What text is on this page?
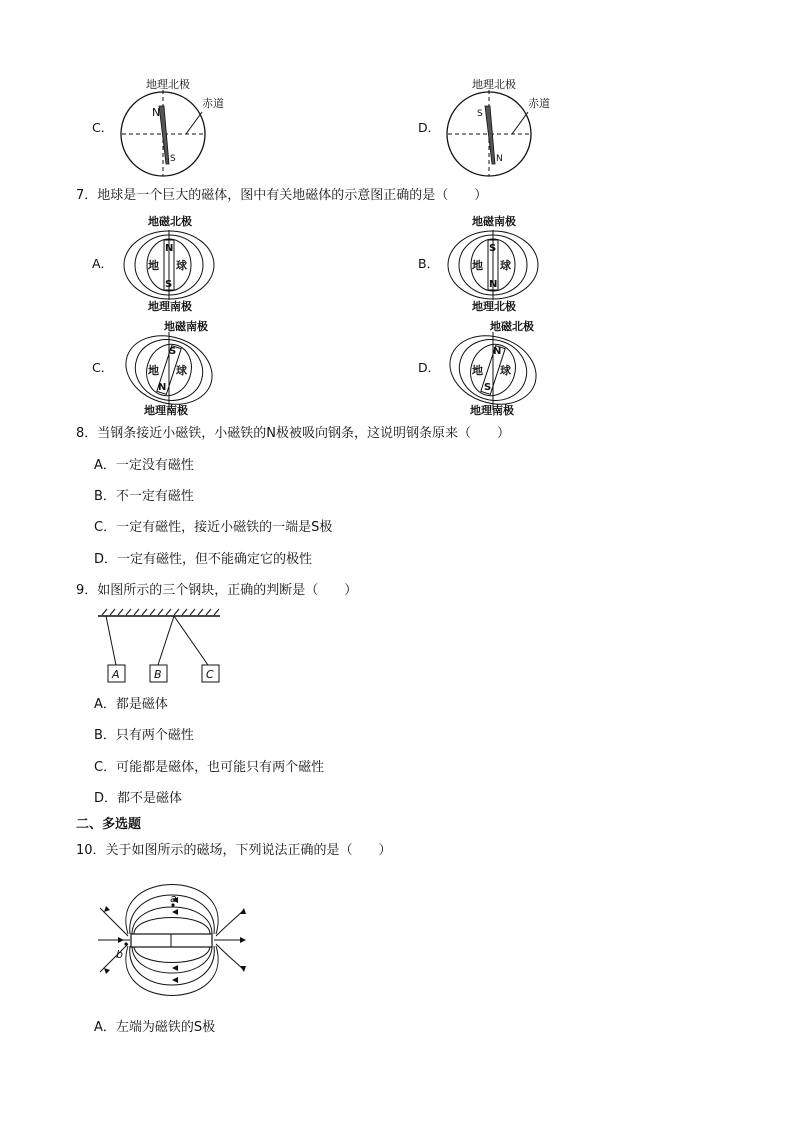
C．
地理北极
赤道
N
S
D．
地理北极
赤道
S
N
7．地球是一个巨大的磁体，图中有关地磁体的示意图正确的是（　　）
A．
地磁北极
地理南极
N
S
地 球	B．
地磁南极
地理北极
S
N
地 球
C．
地磁南极
地理南极
S
N
地 球	D．
地磁北极
地理南极
N
S
地 球
8．当钢条接近小磁铁，小磁铁的N极被吸向钢条，这说明钢条原来（　　）
A．一定没有磁性
B．不一定有磁性
C．一定有磁性，接近小磁铁的一端是S极
D．一定有磁性，但不能确定它的极性
9．如图所示的三个钢块，正确的判断是（　　）
A	B	C
A．都是磁体
B．只有两个磁性
C．可能都是磁体，也可能只有两个磁性
D．都不是磁体
二、多选题
10．关于如图所示的磁场，下列说法正确的是（　　）
a
b
A．左端为磁铁的S极
